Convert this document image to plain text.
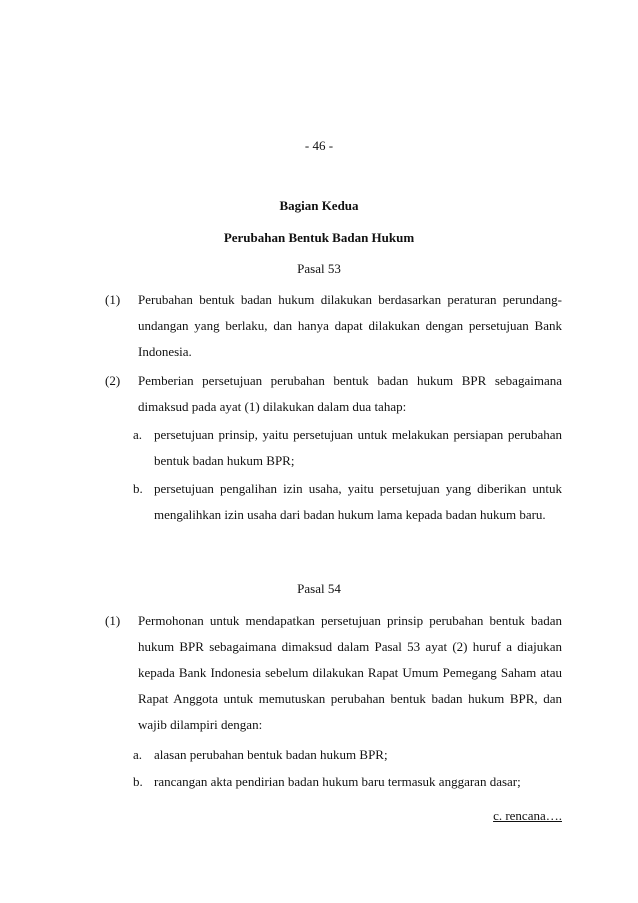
- 46 -

Bagian Kedua

Perubahan Bentuk Badan Hukum

Pasal 53

(1) Perubahan bentuk badan hukum dilakukan berdasarkan peraturan perundang-undangan yang berlaku, dan hanya dapat dilakukan dengan persetujuan Bank Indonesia.

(2) Pemberian persetujuan perubahan bentuk badan hukum BPR sebagaimana dimaksud pada ayat (1) dilakukan dalam dua tahap:

a. persetujuan prinsip, yaitu persetujuan untuk melakukan persiapan perubahan bentuk badan hukum BPR;

b. persetujuan pengalihan izin usaha, yaitu persetujuan yang diberikan untuk mengalihkan izin usaha dari badan hukum lama kepada badan hukum baru.

Pasal 54

(1) Permohonan untuk mendapatkan persetujuan prinsip perubahan bentuk badan hukum BPR sebagaimana dimaksud dalam Pasal 53 ayat (2) huruf a diajukan kepada Bank Indonesia sebelum dilakukan Rapat Umum Pemegang Saham atau Rapat Anggota untuk memutuskan perubahan bentuk badan hukum BPR, dan wajib dilampiri dengan:

a. alasan perubahan bentuk badan hukum BPR;

b. rancangan akta pendirian badan hukum baru termasuk anggaran dasar;

c. rencana….
